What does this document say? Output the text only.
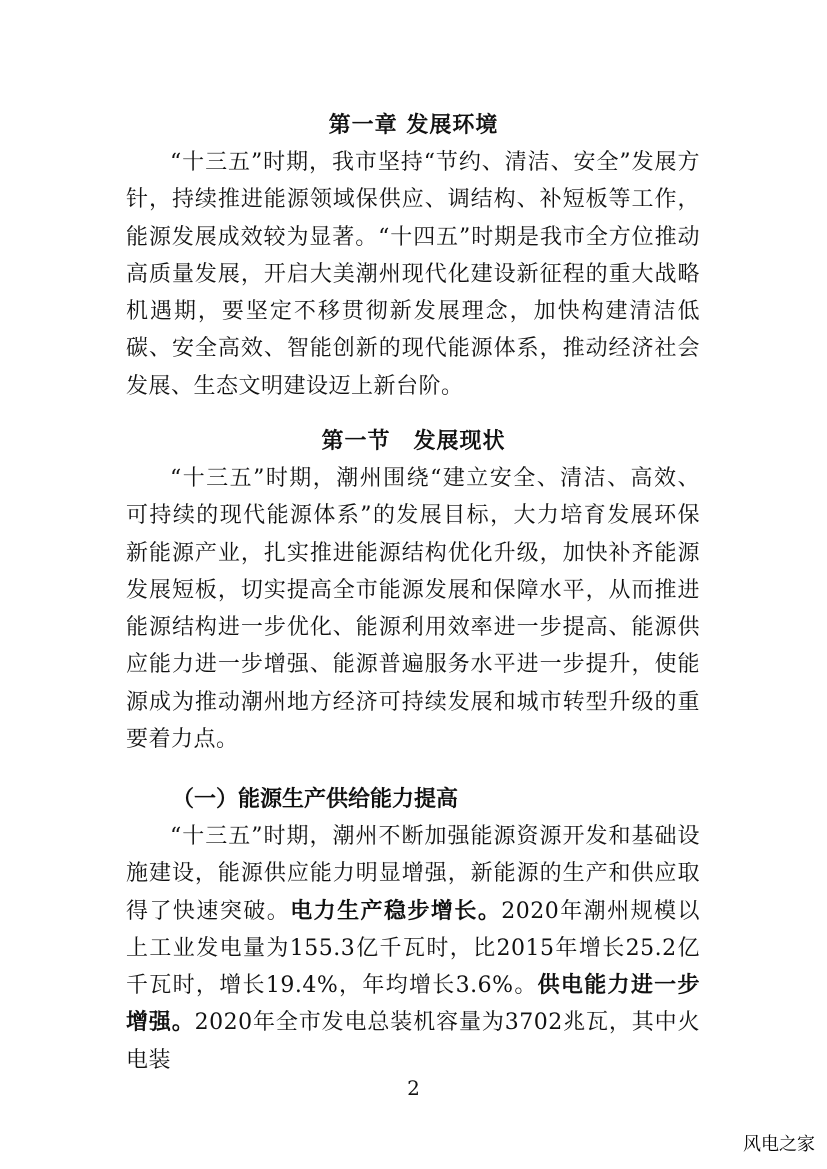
第一章 发展环境

“十三五”时期，我市坚持“节约、清洁、安全”发展方针，持续推进能源领域保供应、调结构、补短板等工作，能源发展成效较为显著。“十四五”时期是我市全方位推动高质量发展，开启大美潮州现代化建设新征程的重大战略机遇期，要坚定不移贯彻新发展理念，加快构建清洁低碳、安全高效、智能创新的现代能源体系，推动经济社会发展、生态文明建设迈上新台阶。

第一节　发展现状

“十三五”时期，潮州围绕“建立安全、清洁、高效、可持续的现代能源体系”的发展目标，大力培育发展环保新能源产业，扎实推进能源结构优化升级，加快补齐能源发展短板，切实提高全市能源发展和保障水平，从而推进能源结构进一步优化、能源利用效率进一步提高、能源供应能力进一步增强、能源普遍服务水平进一步提升，使能源成为推动潮州地方经济可持续发展和城市转型升级的重要着力点。

（一）能源生产供给能力提高

“十三五”时期，潮州不断加强能源资源开发和基础设施建设，能源供应能力明显增强，新能源的生产和供应取得了快速突破。电力生产稳步增长。2020年潮州规模以上工业发电量为155.3亿千瓦时，比2015年增长25.2亿千瓦时，增长19.4%，年均增长3.6%。供电能力进一步增强。2020年全市发电总装机容量为3702兆瓦，其中火电装

2
风电之家
